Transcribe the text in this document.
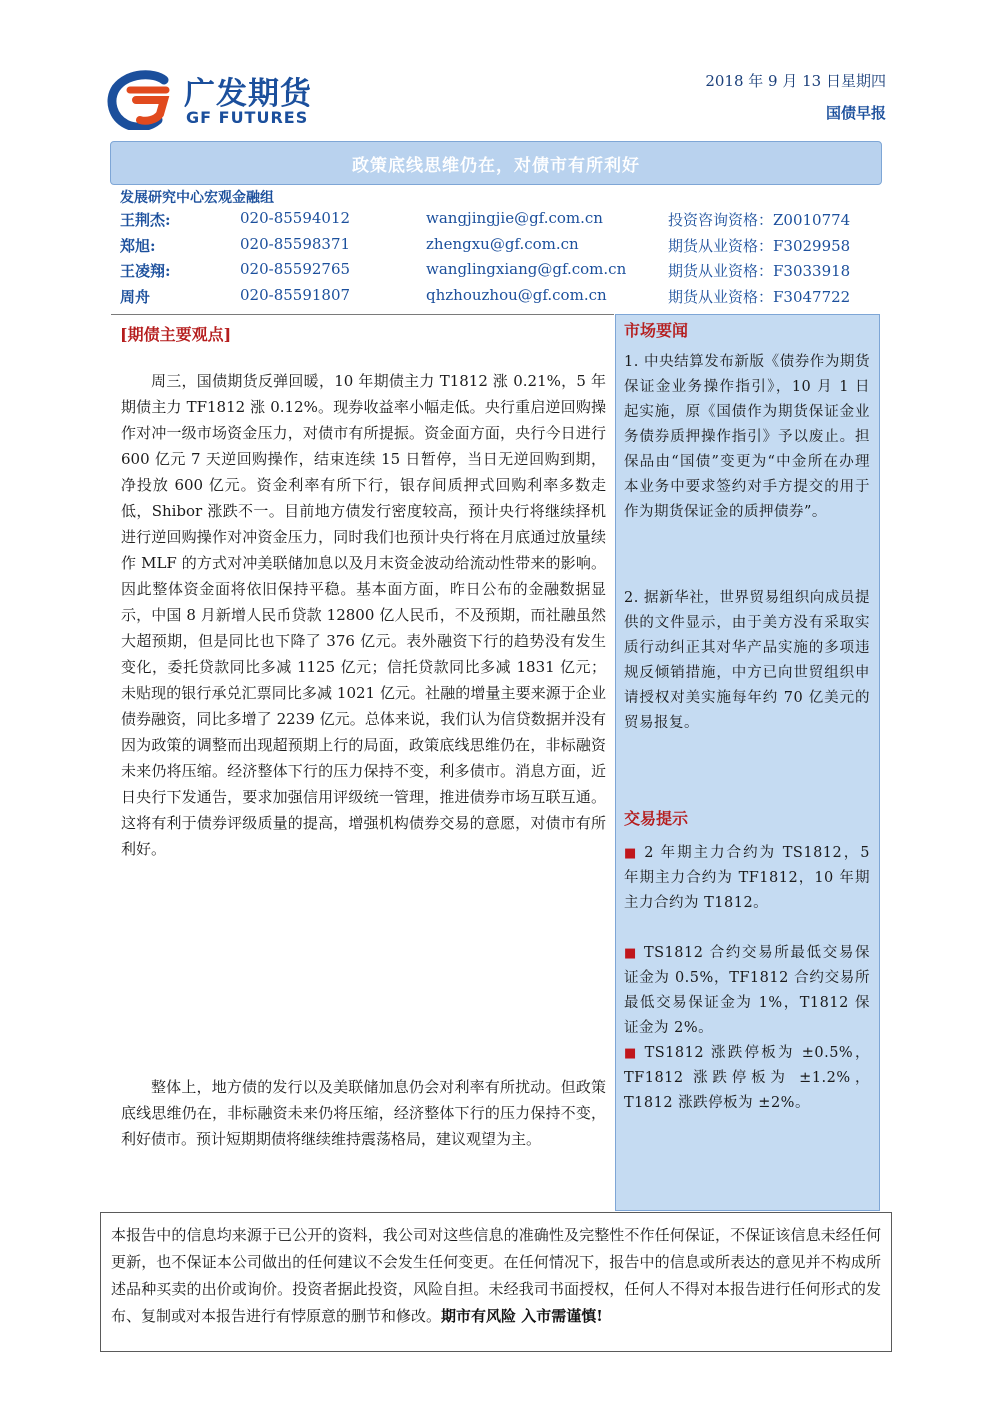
广发期货
GF FUTURES
2018 年 9 月 13 日星期四
国债早报
政策底线思维仍在，对债市有所利好
发展研究中心宏观金融组
王荆杰:	020-85594012	wangjingjie@gf.com.cn	投资咨询资格：Z0010774
郑旭:	020-85598371	zhengxu@gf.com.cn	期货从业资格：F3029958
王凌翔:	020-85592765	wanglingxiang@gf.com.cn	期货从业资格：F3033918
周舟	020-85591807	qhzhouzhou@gf.com.cn	期货从业资格：F3047722
[期债主要观点]

周三，国债期货反弹回暖，10 年期债主力 T1812 涨 0.21%，5 年期债主力 TF1812 涨 0.12%。现券收益率小幅走低。央行重启逆回购操作对冲一级市场资金压力，对债市有所提振。资金面方面，央行今日进行 600 亿元 7 天逆回购操作，结束连续 15 日暂停，当日无逆回购到期，净投放 600 亿元。资金利率有所下行，银存间质押式回购利率多数走低，Shibor 涨跌不一。目前地方债发行密度较高，预计央行将继续择机进行逆回购操作对冲资金压力，同时我们也预计央行将在月底通过放量续作 MLF 的方式对冲美联储加息以及月末资金波动给流动性带来的影响。因此整体资金面将依旧保持平稳。基本面方面，昨日公布的金融数据显示，中国 8 月新增人民币贷款 12800 亿人民币，不及预期，而社融虽然大超预期，但是同比也下降了 376 亿元。表外融资下行的趋势没有发生变化，委托贷款同比多减 1125 亿元；信托贷款同比多减 1831 亿元；未贴现的银行承兑汇票同比多减 1021 亿元。社融的增量主要来源于企业债券融资，同比多增了 2239 亿元。总体来说，我们认为信贷数据并没有因为政策的调整而出现超预期上行的局面，政策底线思维仍在，非标融资未来仍将压缩。经济整体下行的压力保持不变，利多债市。消息方面，近日央行下发通告，要求加强信用评级统一管理，推进债券市场互联互通。这将有利于债券评级质量的提高，增强机构债券交易的意愿，对债市有所利好。

整体上，地方债的发行以及美联储加息仍会对利率有所扰动。但政策底线思维仍在，非标融资未来仍将压缩，经济整体下行的压力保持不变，利好债市。预计短期期债将继续维持震荡格局，建议观望为主。

市场要闻

1. 中央结算发布新版《债券作为期货保证金业务操作指引》，10 月 1 日起实施，原《国债作为期货保证金业务债券质押操作指引》予以废止。担保品由“国债”变更为“中金所在办理本业务中要求签约对手方提交的用于作为期货保证金的质押债券”。

2. 据新华社，世界贸易组织向成员提供的文件显示，由于美方没有采取实质行动纠正其对华产品实施的多项违规反倾销措施，中方已向世贸组织申请授权对美实施每年约 70 亿美元的贸易报复。

交易提示

■ 2 年期主力合约为 TS1812，5 年期主力合约为 TF1812，10 年期主力合约为 T1812。

■ TS1812 合约交易所最低交易保证金为 0.5%，TF1812 合约交易所最低交易保证金为 1%，T1812 保证金为 2%。

■ TS1812 涨跌停板为 ±0.5%，TF1812 涨跌停板为 ±1.2%，T1812 涨跌停板为 ±2%。

本报告中的信息均来源于已公开的资料，我公司对这些信息的准确性及完整性不作任何保证，不保证该信息未经任何更新，也不保证本公司做出的任何建议不会发生任何变更。在任何情况下，报告中的信息或所表达的意见并不构成所述品种买卖的出价或询价。投资者据此投资，风险自担。未经我司书面授权，任何人不得对本报告进行任何形式的发布、复制或对本报告进行有悖原意的删节和修改。期市有风险 入市需谨慎!
